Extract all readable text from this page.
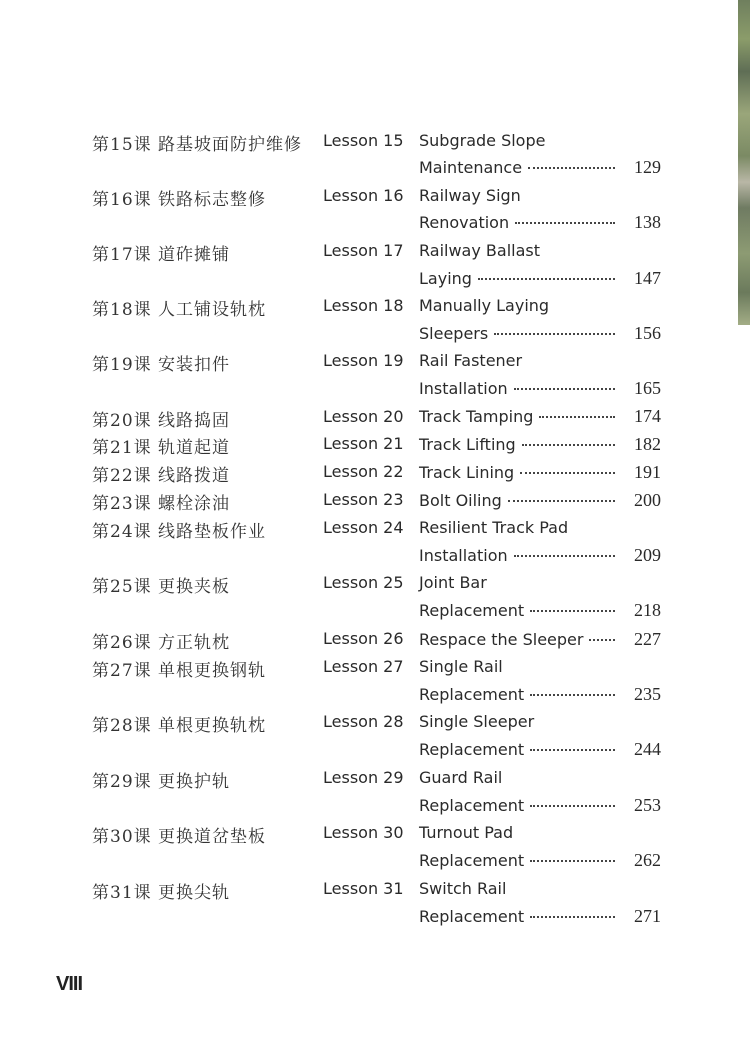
第15课 路基坡面防护维修 Lesson 15 Subgrade Slope
Maintenance	129
第16课 铁路标志整修	Lesson 16 Railway Sign
Renovation	138
第17课 道砟摊铺	Lesson 17 Railway Ballast
Laying	147
第18课 人工铺设轨枕	Lesson 18 Manually Laying
Sleepers	156
第19课 安装扣件	Lesson 19 Rail Fastener
Installation	165
第20课 线路捣固	Lesson 20 Track Tamping	174
第21课 轨道起道	Lesson 21 Track Lifting	182
第22课 线路拨道	Lesson 22 Track Lining	191
第23课 螺栓涂油	Lesson 23 Bolt Oiling	200
第24课 线路垫板作业	Lesson 24 Resilient Track Pad
Installation	209
第25课 更换夹板	Lesson 25 Joint Bar
Replacement	218
第26课 方正轨枕	Lesson 26 Respace the Sleeper	227
第27课 单根更换钢轨	Lesson 27 Single Rail
Replacement	235
第28课 单根更换轨枕	Lesson 28 Single Sleeper
Replacement	244
第29课 更换护轨	Lesson 29 Guard Rail
Replacement	253
第30课 更换道岔垫板	Lesson 30 Turnout Pad
Replacement	262
第31课 更换尖轨	Lesson 31 Switch Rail
Replacement	271
VIII
